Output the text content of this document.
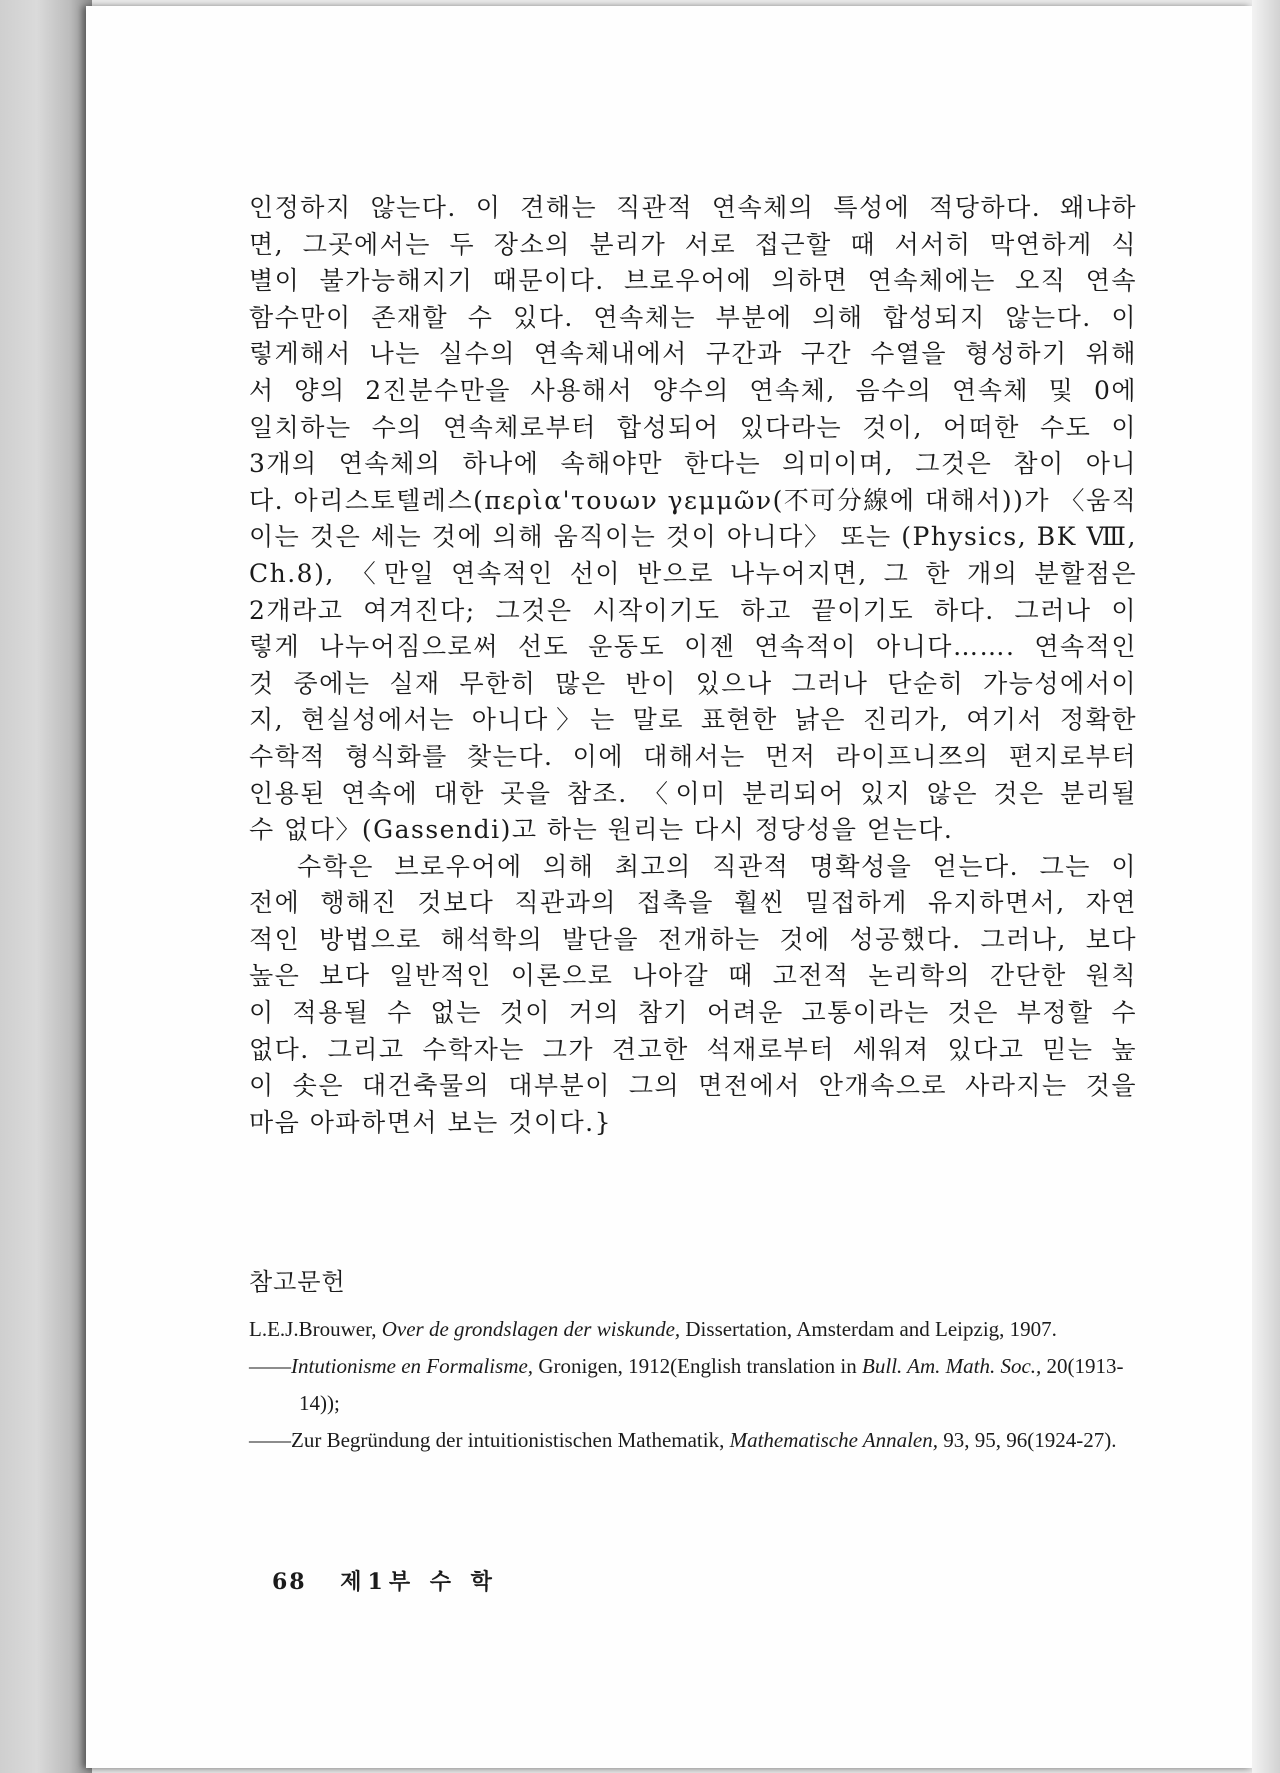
인정하지 않는다. 이 견해는 직관적 연속체의 특성에 적당하다. 왜냐하
면, 그곳에서는 두 장소의 분리가 서로 접근할 때 서서히 막연하게 식
별이 불가능해지기 때문이다. 브로우어에 의하면 연속체에는 오직 연속
함수만이 존재할 수 있다. 연속체는 부분에 의해 합성되지 않는다. 이
렇게해서 나는 실수의 연속체내에서 구간과 구간 수열을 형성하기 위해
서 양의 2진분수만을 사용해서 양수의 연속체, 음수의 연속체 및 0에
일치하는 수의 연속체로부터 합성되어 있다라는 것이, 어떠한 수도 이
3개의 연속체의 하나에 속해야만 한다는 의미이며, 그것은 참이 아니
다. 아리스토텔레스(περὶα'τουων γεμμῶν(不可分線에 대해서))가 〈움직
이는 것은 세는 것에 의해 움직이는 것이 아니다〉 또는 (Physics, BK Ⅷ,
Ch.8), 〈만일 연속적인 선이 반으로 나누어지면, 그 한 개의 분할점은
2개라고 여겨진다; 그것은 시작이기도 하고 끝이기도 하다. 그러나 이
렇게 나누어짐으로써 선도 운동도 이젠 연속적이 아니다……. 연속적인
것 중에는 실재 무한히 많은 반이 있으나 그러나 단순히 가능성에서이
지, 현실성에서는 아니다〉는 말로 표현한 낡은 진리가, 여기서 정확한
수학적 형식화를 찾는다. 이에 대해서는 먼저 라이프니쯔의 편지로부터
인용된 연속에 대한 곳을 참조. 〈이미 분리되어 있지 않은 것은 분리될
수 없다〉(Gassendi)고 하는 원리는 다시 정당성을 얻는다.
수학은 브로우어에 의해 최고의 직관적 명확성을 얻는다. 그는 이
전에 행해진 것보다 직관과의 접촉을 훨씬 밀접하게 유지하면서, 자연
적인 방법으로 해석학의 발단을 전개하는 것에 성공했다. 그러나, 보다
높은 보다 일반적인 이론으로 나아갈 때 고전적 논리학의 간단한 원칙
이 적용될 수 없는 것이 거의 참기 어려운 고통이라는 것은 부정할 수
없다. 그리고 수학자는 그가 견고한 석재로부터 세워져 있다고 믿는 높
이 솟은 대건축물의 대부분이 그의 면전에서 안개속으로 사라지는 것을
마음 아파하면서 보는 것이다.}

참고문헌

L.E.J.Brouwer, Over de grondslagen der wiskunde, Dissertation, Amsterdam and Leipzig, 1907.

——Intutionisme en Formalisme, Gronigen, 1912(English translation in Bull. Am. Math. Soc., 20(1913-14));

——Zur Begründung der intuitionistischen Mathematik, Mathematische Annalen, 93, 95, 96(1924-27).

68 제1부 수 학
